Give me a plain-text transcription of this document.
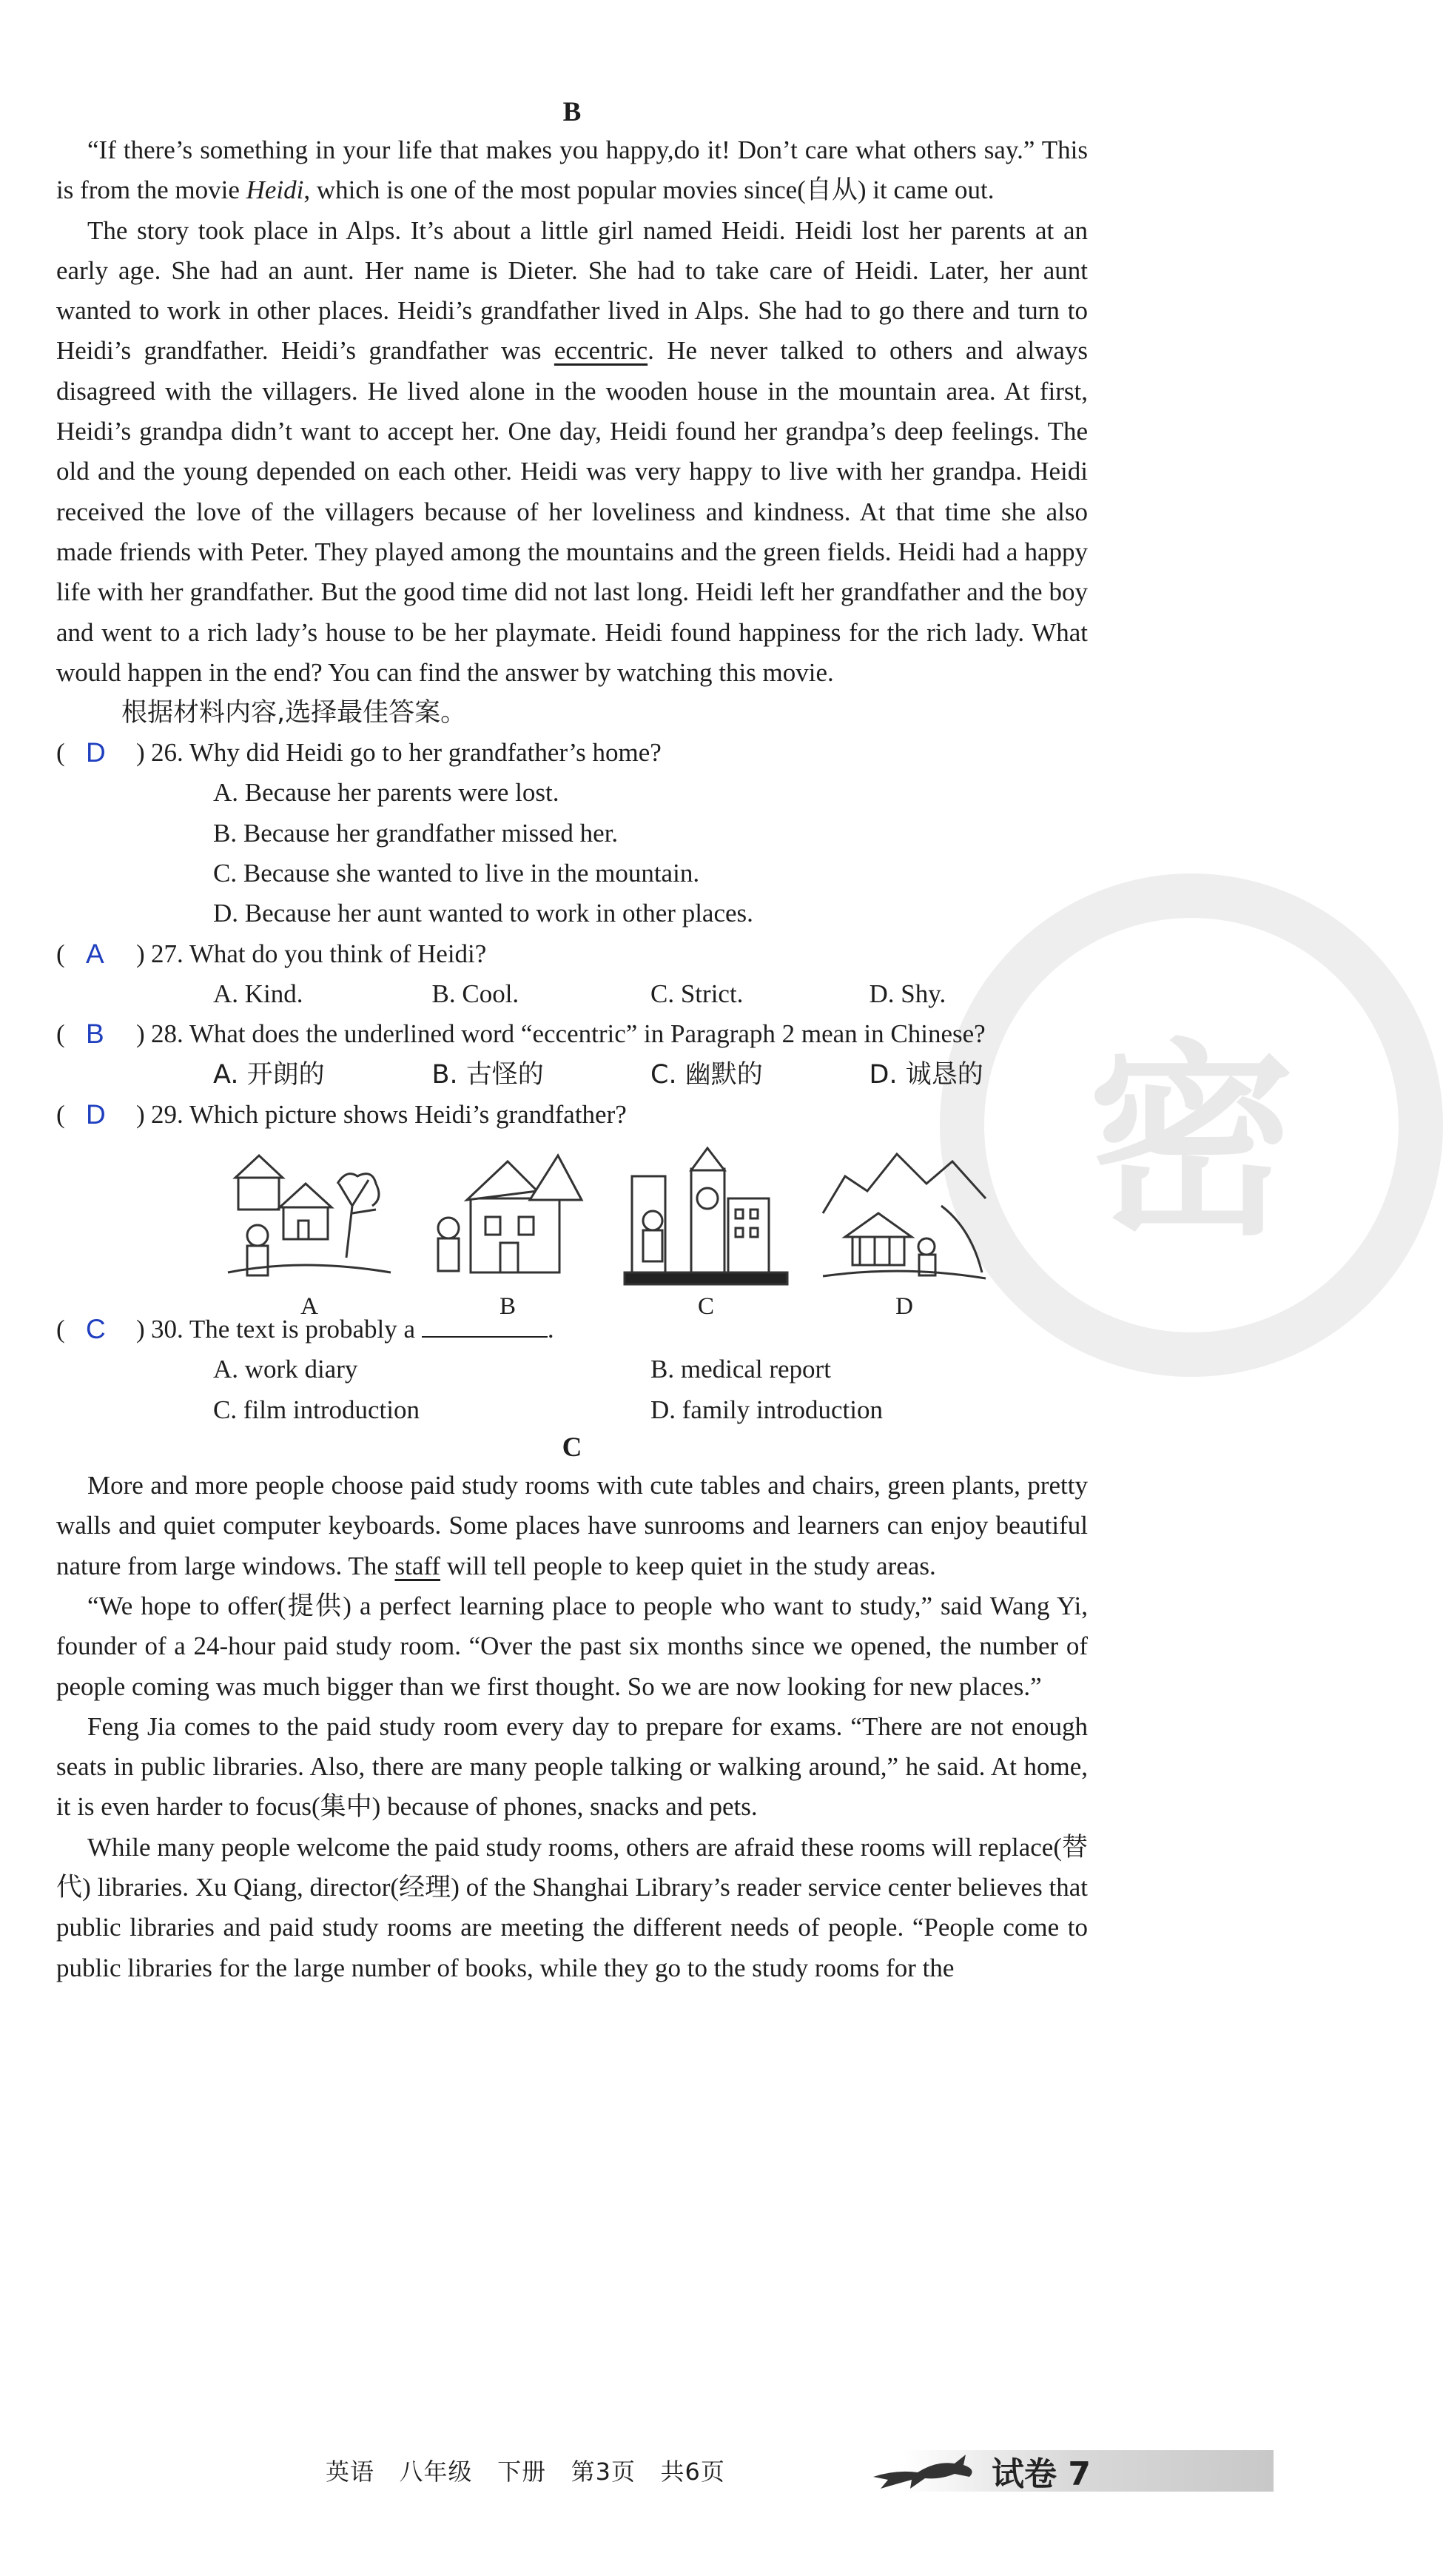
密
B

“If there’s something in your life that makes you happy,do it! Don’t care what others say.” This is from the movie Heidi, which is one of the most popular movies since(自从) it came out.

The story took place in Alps. It’s about a little girl named Heidi. Heidi lost her parents at an early age. She had an aunt. Her name is Dieter. She had to take care of Heidi. Later, her aunt wanted to work in other places. Heidi’s grandfather lived in Alps. She had to go there and turn to Heidi’s grandfather. Heidi’s grandfather was eccentric. He never talked to others and always disagreed with the villagers. He lived alone in the wooden house in the mountain area. At first, Heidi’s grandpa didn’t want to accept her. One day, Heidi found her grandpa’s deep feelings. The old and the young depended on each other. Heidi was very happy to live with her grandpa. Heidi received the love of the villagers because of her loveliness and kindness. At that time she also made friends with Peter. They played among the mountains and the green fields. Heidi had a happy life with her grandfather. But the good time did not last long. Heidi left her grandfather and the boy and went to a rich lady’s house to be her playmate. Heidi found happiness for the rich lady. What would happen in the end? You can find the answer by watching this movie.

根据材料内容,选择最佳答案。
( D ) 26. Why did Heidi go to her grandfather’s home?
A. Because her parents were lost.
B. Because her grandfather missed her.
C. Because she wanted to live in the mountain.
D. Because her aunt wanted to work in other places.
( A ) 27. What do you think of Heidi?
A. Kind.	B. Cool.	C. Strict.	D. Shy.
( B ) 28. What does the underlined word “eccentric” in Paragraph 2 mean in Chinese?
A. 开朗的	B. 古怪的	C. 幽默的	D. 诚恳的
( D ) 29. Which picture shows Heidi’s grandfather?
A	B	C	D
( C ) 30. The text is probably a	.
A. work diary	B. medical report
C. film introduction	D. family introduction
C

More and more people choose paid study rooms with cute tables and chairs, green plants, pretty walls and quiet computer keyboards. Some places have sunrooms and learners can enjoy beautiful nature from large windows. The staff will tell people to keep quiet in the study areas.

“We hope to offer(提供) a perfect learning place to people who want to study,” said Wang Yi, founder of a 24-hour paid study room. “Over the past six months since we opened, the number of people coming was much bigger than we first thought. So we are now looking for new places.”

Feng Jia comes to the paid study room every day to prepare for exams. “There are not enough seats in public libraries. Also, there are many people talking or walking around,” he said. At home, it is even harder to focus(集中) because of phones, snacks and pets.

While many people welcome the paid study rooms, others are afraid these rooms will replace(替代) libraries. Xu Qiang, director(经理) of the Shanghai Library’s reader service center believes that public libraries and paid study rooms are meeting the different needs of people. “People come to public libraries for the large number of books, while they go to the study rooms for the

英语 八年级 下册 第3页 共6页	试卷 7
